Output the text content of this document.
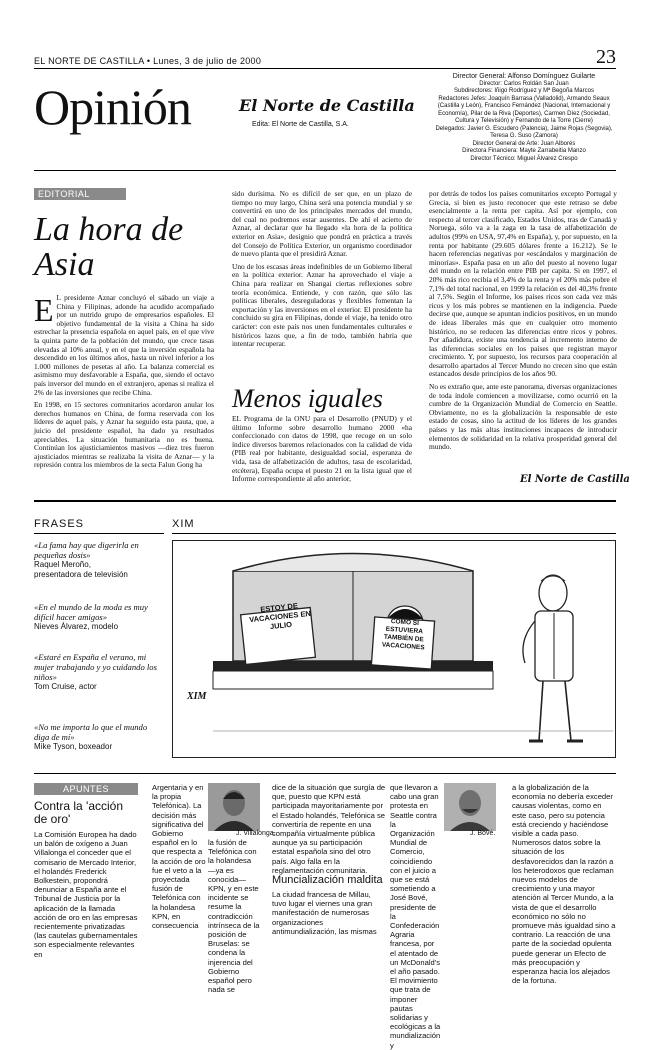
EL NORTE DE CASTILLA • Lunes, 3 de julio de 2000	23
Opinión	El Norte de Castilla
Edita: El Norte de Castilla, S.A.

Director General: Alfonso Domínguez Guilarte

Director: Carlos Roldán San Juan

Subdirectores: Iñigo Rodríguez y Mª Begoña Marcos

Redactores Jefes: Joaquín Barrasa (Valladolid), Armando Seaux (Castilla y León), Francisco Fernández (Nacional, Internacional y Economía), Pilar de la Riva (Deportes), Carmen Díez (Sociedad, Cultura y Televisión) y Fernando de la Torre (Cierre)

Delegados: Javier G. Escudero (Palencia), Jaime Rojas (Segovia), Teresa G. Suso (Zamora)

Director General de Arte: Juan Alborés

Directora Financiera: Mayte Zarrabeitia Manzo

Director Técnico: Miguel Álvarez Crespo

EDITORIAL
La hora de Asia

E L presidente Aznar concluyó el sábado un viaje a China y Filipinas, adonde ha acudido acompañado por un nutrido grupo de empresarios españoles. El objetivo fundamental de la visita a China ha sido estrechar la presencia española en aquel país, en el que vive la quinta parte de la población del mundo, que crece tasas elevadas al 10% anual, y en el que la inversión española ha descendido en los últimos años, hasta un nivel inferior a los 1.000 millones de pesetas al año. La balanza comercial es asimismo muy desfavorable a España, que, siendo el octavo país inversor del mundo en el extranjero, apenas si realiza el 2% de las inversiones que recibe China.

En 1998, en 15 sectores comunitarios acordaron anular los derechos humanos en China, de forma reservada con los líderes de aquel país, y Aznar ha seguido esta pauta, que, a juicio del presidente español, ha dado ya resultados apreciables. La situación humanitaria no es buena. Continúan los ajusticiamientos masivos —diez tres fueron ajusticiados mientras se realizaba la visita de Aznar— y la represión contra los miembros de la secta Falun Gong ha

sido durísima. No es difícil de ser que, en un plazo de tiempo no muy largo, China será una potencia mundial y se convertirá en uno de los principales mercados del mundo, del cual no podremos estar ausentes. De ahí el acierto de Aznar, al declarar que ha llegado «la hora de la política exterior en Asia», designio que pondrá en práctica a través del Consejo de Política Exterior, un organismo coordinador de nuevo planta que el presidirá Aznar.

Uno de los escasas áreas indefinibles de un Gobierno liberal en la política exterior. Aznar ha aprovechado el viaje a China para realizar en Shangai ciertas reflexiones sobre teoría económica. Entiende, y con razón, que sólo las políticas liberales, desreguladoras y flexibles fomentan la exportación y las inversiones en el exterior. El presidente ha concluido su gira en Filipinas, donde el viaje, ha tenido otro carácter: con este país nos unen fundamentales culturales e históricos lazos que, a fin de todo, también habría que intentar recuperar.

Menos iguales

EL Programa de la ONU para el Desarrollo (PNUD) y el último Informe sobre desarrollo humano 2000 «ha confeccionado con datos de 1998, que recoge en un solo índice diversos baremos relacionados con la calidad de vida (PIB real por habitante, desigualdad social, esperanza de vida, tasa de alfabetización de adultos, tasa de escolaridad, etcétera), España ocupa el puesto 21 en la lista igual que el Informe correspondiente al año anterior,

por detrás de todos los países comunitarios excepto Portugal y Grecia, si bien es justo reconocer que este retraso se debe esencialmente a la renta per capita. Así por ejemplo, con respecto al tercer clasificado, Estados Unidos, tras de Canadá y Noruega, sólo va a la zaga en la tasa de alfabetización de adultos (99% en USA, 97,4% en España), y, por supuesto, en la renta por habitante (29.605 dólares frente a 16.212). Se le hacen referencias negativas por «escándalos y marginación de minorías». España pasa en un año del puesto al noveno lugar del mundo en la relación entre PIB per capita. Si en 1997, el 20% más rico recibía el 3,4% de la renta y el 20% más pobre el 7,1% del total nacional, en 1999 la relación es del 40,3% frente al 7,5%. Según el Informe, los países ricos son cada vez más ricos y los más pobres se mantienen en la indigencia. Puede decirse que, aunque se apuntan indicios positivos, en un mundo de ideas liberales más que en cualquier otro momento histórico, no se reducen las diferencias entre ricos y pobres. Por añadidura, existe una tendencia al incremento interno de las diferencias sociales en los países que registran mayor crecimiento. Y, por supuesto, los recursos para cooperación al desarrollo apartados al Tercer Mundo no crecen sino que están estancados desde principios de los años 90.

No es extraño que, ante este panorama, diversas organizaciones de toda índole comiencen a movilizarse, como ocurrió en la cumbre de la Organización Mundial de Comercio en Seattle. Obviamente, no es la globalización la responsable de este estado de cosas, sino la actitud de los líderes de los grandes países y las más altas instituciones incapaces de introducir elementos de solidaridad en la relativa prosperidad general del mundo.

El Norte de Castilla
FRASES
«La fama hay que digerirla en pequeñas dosis»
Raquel Meroño,
presentadora de televisión
«En el mundo de la moda es muy difícil hacer amigos»
Nieves Álvarez, modelo
«Estaré en España el verano, mi mujer trabajando y yo cuidando los niños»
Tom Cruise, actor
«No me importa lo que el mundo diga de mí»
Mike Tyson, boxeador
XIM
ESTOY DE VACACIONES EN JULIO	COMO SI ESTUVIERA TAMBIÉN DE VACACIONES
XIM
APUNTES
Contra la 'acción de oro'
La Comisión Europea ha dado un balón de oxígeno a Juan Villalonga el conceder que el comisario de Mercado Interior, el holandés Frederick Bolkestein, propondrá denunciar a España ante el Tribunal de Justicia por la aplicación de la llamada acción de oro en las empresas recientemente privatizadas (las cautelas gubernamentales son especialmente relevantes en
Argentaria y en la propia Telefónica). La decisión más significativa del Gobierno español en lo que respecta a la acción de oro fue el veto a la proyectada fusión de Telefónica con la holandesa KPN, en consecuencia
J. Villalonga.
la fusión de Telefónica con la holandesa —ya es conocida— KPN, y en este incidente se resume la contradicción intrínseca de la posición de Bruselas: se condena la injerencia del Gobierno español pero nada se
dice de la situación que surgía de que, puesto que KPN está participada mayoritariamente por el Estado holandés, Telefónica se convertiría de repente en una compañía virtualmente pública aunque ya su participación estatal española sino del otro país. Algo falla en la reglamentación comunitaria.
Muncialización maldita
La ciudad francesa de Millau, tuvo lugar el viernes una gran manifestación de numerosas organizaciones antimundialización, las mismas
que llevaron a cabo una gran protesta en Seattle contra la Organización Mundial de Comercio, coincidiendo con el juicio a que se está sometiendo a José Bové, presidente de la Confederación Agraria francesa, por el atentado de un McDonald's el año pasado. El movimiento que trata de imponer pautas solidarias y ecológicas a la mundialización y
J. Bové.
a la globalización de la economía no debería exceder causas violentas, como en este caso, pero su potencia está creciendo y haciéndose visible a cada paso. Numerosos datos sobre la situación de los desfavorecidos dan la razón a los heterodoxos que reclaman nuevos modelos de crecimiento y una mayor atención al Tercer Mundo, a la vista de que el desarrollo económico no sólo no promueve más igualdad sino a contrario. La reacción de una parte de la sociedad opulenta puede generar un Efecto de más preocupación y esperanza hacia los alejados de la fortuna.
